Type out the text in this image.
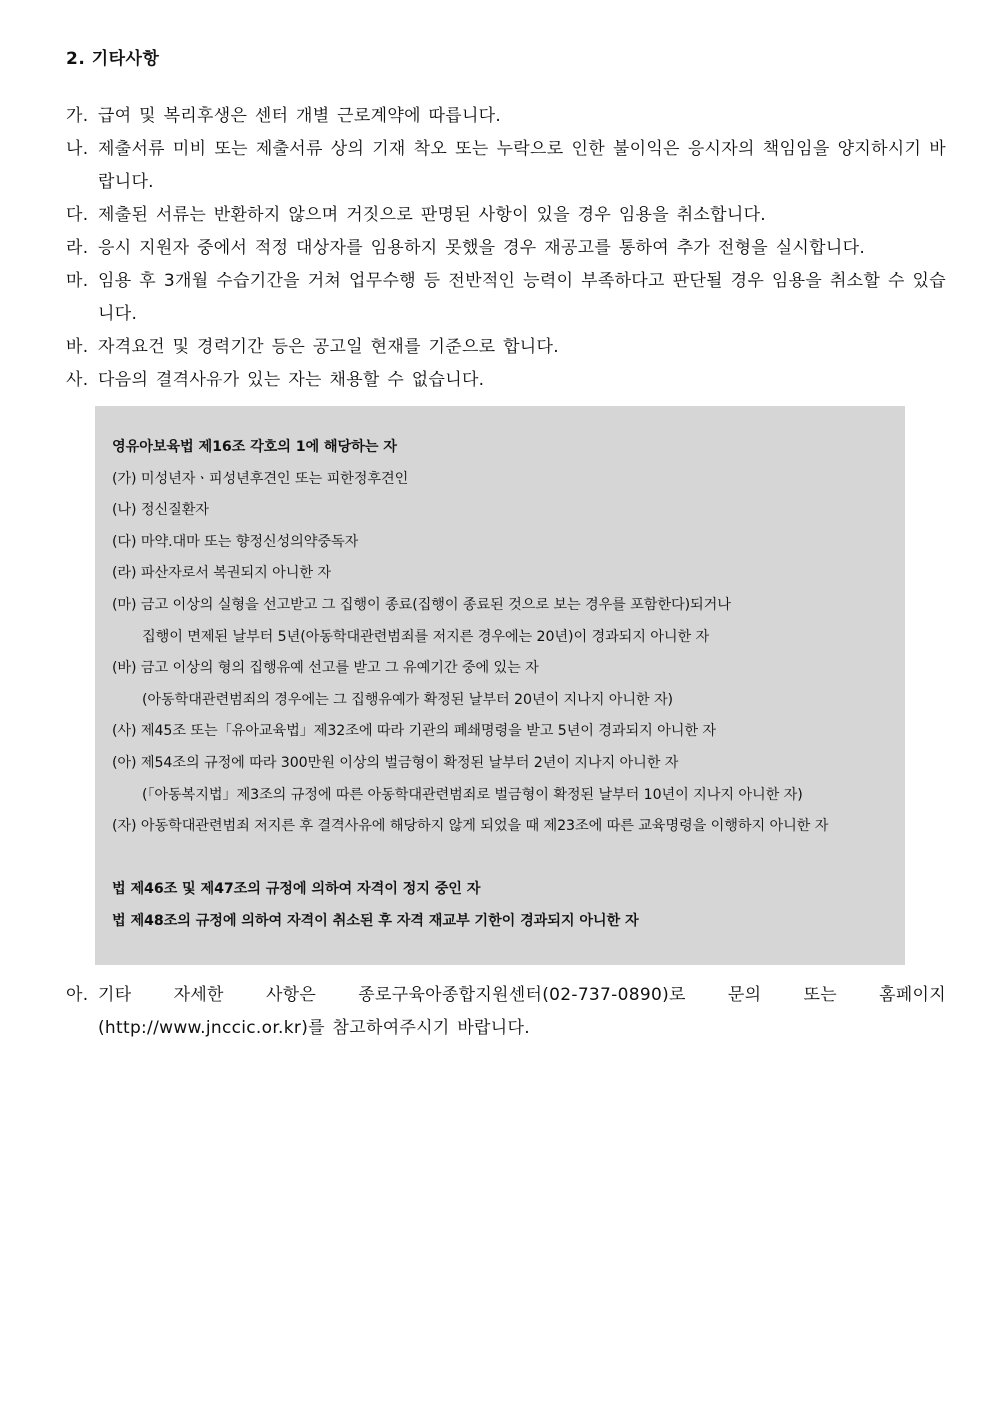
2. 기타사항
가. 급여 및 복리후생은 센터 개별 근로계약에 따릅니다.
나. 제출서류 미비 또는 제출서류 상의 기재 착오 또는 누락으로 인한 불이익은 응시자의 책임임을 양지하시기 바랍니다.
다. 제출된 서류는 반환하지 않으며 거짓으로 판명된 사항이 있을 경우 임용을 취소합니다.
라. 응시 지원자 중에서 적정 대상자를 임용하지 못했을 경우 재공고를 통하여 추가 전형을 실시합니다.
마. 임용 후 3개월 수습기간을 거쳐 업무수행 등 전반적인 능력이 부족하다고 판단될 경우 임용을 취소할 수 있습니다.
바. 자격요건 및 경력기간 등은 공고일 현재를 기준으로 합니다.
사. 다음의 결격사유가 있는 자는 채용할 수 없습니다.
영유아보육법 제16조 각호의 1에 해당하는 자
(가) 미성년자ㆍ피성년후견인 또는 피한정후견인
(나) 정신질환자
(다) 마약.대마 또는 향정신성의약중독자
(라) 파산자로서 복권되지 아니한 자
(마) 금고 이상의 실형을 선고받고 그 집행이 종료(집행이 종료된 것으로 보는 경우를 포함한다)되거나
집행이 면제된 날부터 5년(아동학대관련범죄를 저지른 경우에는 20년)이 경과되지 아니한 자
(바) 금고 이상의 형의 집행유예 선고를 받고 그 유예기간 중에 있는 자
(아동학대관련범죄의 경우에는 그 집행유예가 확정된 날부터 20년이 지나지 아니한 자)
(사) 제45조 또는「유아교육법」제32조에 따라 기관의 폐쇄명령을 받고 5년이 경과되지 아니한 자
(아) 제54조의 규정에 따라 300만원 이상의 벌금형이 확정된 날부터 2년이 지나지 아니한 자
(「아동복지법」제3조의 규정에 따른 아동학대관련범죄로 벌금형이 확정된 날부터 10년이 지나지 아니한 자)
(자) 아동학대관련범죄 저지른 후 결격사유에 해당하지 않게 되었을 때 제23조에 따른 교육명령을 이행하지 아니한 자
법 제46조 및 제47조의 규정에 의하여 자격이 정지 중인 자
법 제48조의 규정에 의하여 자격이 취소된 후 자격 재교부 기한이 경과되지 아니한 자
아. 기타 자세한 사항은 종로구육아종합지원센터(02-737-0890)로 문의 또는 홈페이지 (http://www.jnccic.or.kr)를 참고하여주시기 바랍니다.
